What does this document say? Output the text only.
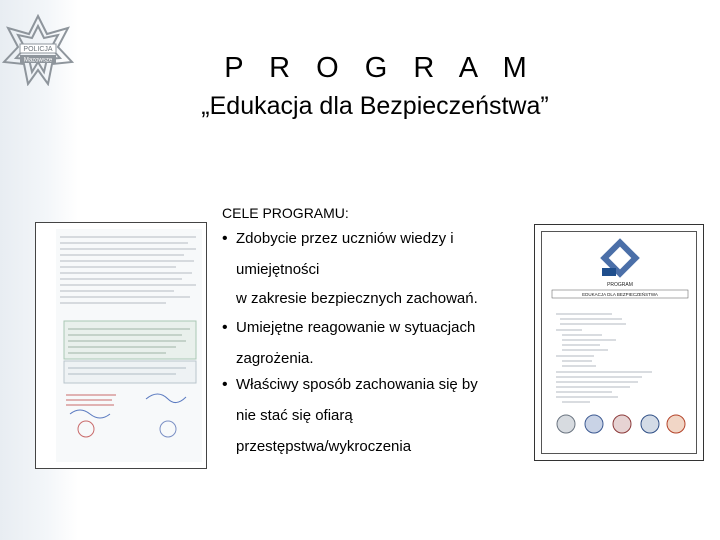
POLICJA
Mazowsze	P R O G R A M
„Edukacja dla Bezpieczeństwa”
PROGRAM
EDUKACJA DLA BEZPIECZEŃSTWA
CELE PROGRAMU:
• Zdobycie przez uczniów wiedzy i
umiejętności
w zakresie bezpiecznych zachowań.
• Umiejętne reagowanie w sytuacjach
zagrożenia.
• Właściwy sposób zachowania się by
nie stać się ofiarą
przestępstwa/wykroczenia
